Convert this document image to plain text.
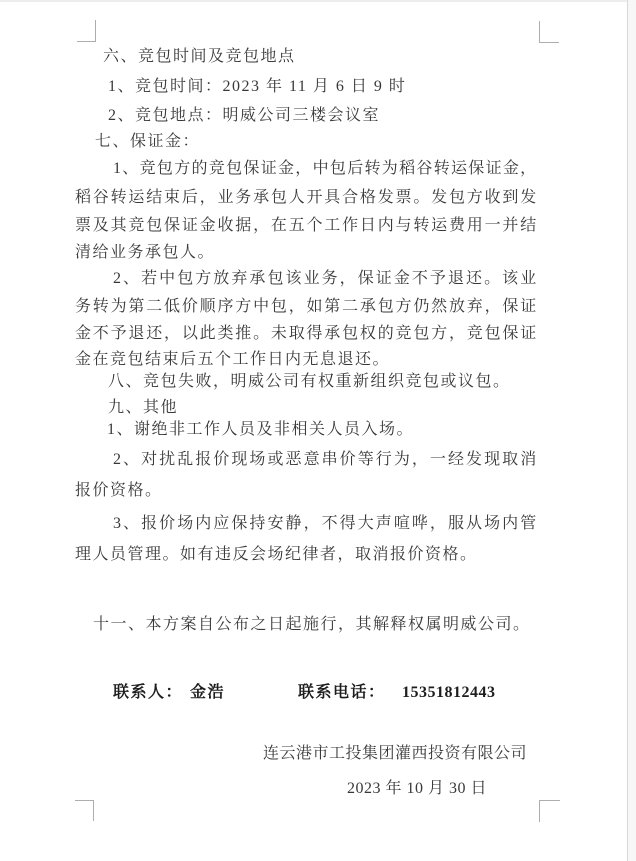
六、竞包时间及竞包地点
1、竞包时间：2023 年 11 月 6 日 9 时
2、竞包地点：明威公司三楼会议室
七、保证金：
1、竞包方的竞包保证金，中包后转为稻谷转运保证金，
稻谷转运结束后，业务承包人开具合格发票。发包方收到发
票及其竞包保证金收据，在五个工作日内与转运费用一并结
清给业务承包人。
2、若中包方放弃承包该业务，保证金不予退还。该业
务转为第二低价顺序方中包，如第二承包方仍然放弃，保证
金不予退还，以此类推。未取得承包权的竞包方，竞包保证
金在竞包结束后五个工作日内无息退还。
八、竞包失败，明威公司有权重新组织竞包或议包。
九、其他
1、谢绝非工作人员及非相关人员入场。
2、对扰乱报价现场或恶意串价等行为，一经发现取消
报价资格。
3、报价场内应保持安静，不得大声喧哗，服从场内管
理人员管理。如有违反会场纪律者，取消报价资格。
十一、本方案自公布之日起施行，其解释权属明威公司。
联系人： 金浩	联系电话： 15351812443
连云港市工投集团灌西投资有限公司
2023 年 10 月 30 日
